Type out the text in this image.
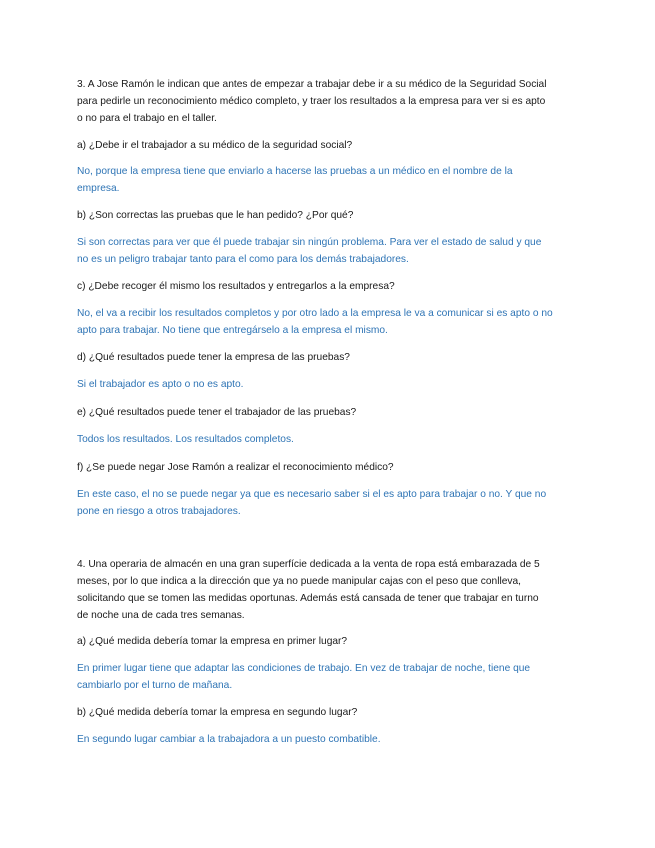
3. A Jose Ramón le indican que antes de empezar a trabajar debe ir a su médico de la Seguridad Social
para pedirle un reconocimiento médico completo, y traer los resultados a la empresa para ver si es apto
o no para el trabajo en el taller.

a) ¿Debe ir el trabajador a su médico de la seguridad social?

No, porque la empresa tiene que enviarlo a hacerse las pruebas a un médico en el nombre de la
empresa.

b) ¿Son correctas las pruebas que le han pedido? ¿Por qué?

Si son correctas para ver que él puede trabajar sin ningún problema. Para ver el estado de salud y que
no es un peligro trabajar tanto para el como para los demás trabajadores.

c) ¿Debe recoger él mismo los resultados y entregarlos a la empresa?

No, el va a recibir los resultados completos y por otro lado a la empresa le va a comunicar si es apto o no
apto para trabajar. No tiene que entregárselo a la empresa el mismo.

d) ¿Qué resultados puede tener la empresa de las pruebas?

Si el trabajador es apto o no es apto.

e) ¿Qué resultados puede tener el trabajador de las pruebas?

Todos los resultados. Los resultados completos.

f) ¿Se puede negar Jose Ramón a realizar el reconocimiento médico?

En este caso, el no se puede negar ya que es necesario saber si el es apto para trabajar o no. Y que no
pone en riesgo a otros trabajadores.

4. Una operaria de almacén en una gran superfície dedicada a la venta de ropa está embarazada de 5
meses, por lo que indica a la dirección que ya no puede manipular cajas con el peso que conlleva,
solicitando que se tomen las medidas oportunas. Además está cansada de tener que trabajar en turno
de noche una de cada tres semanas.

a) ¿Qué medida debería tomar la empresa en primer lugar?

En primer lugar tiene que adaptar las condiciones de trabajo. En vez de trabajar de noche, tiene que
cambiarlo por el turno de mañana.

b) ¿Qué medida debería tomar la empresa en segundo lugar?

En segundo lugar cambiar a la trabajadora a un puesto combatible.
